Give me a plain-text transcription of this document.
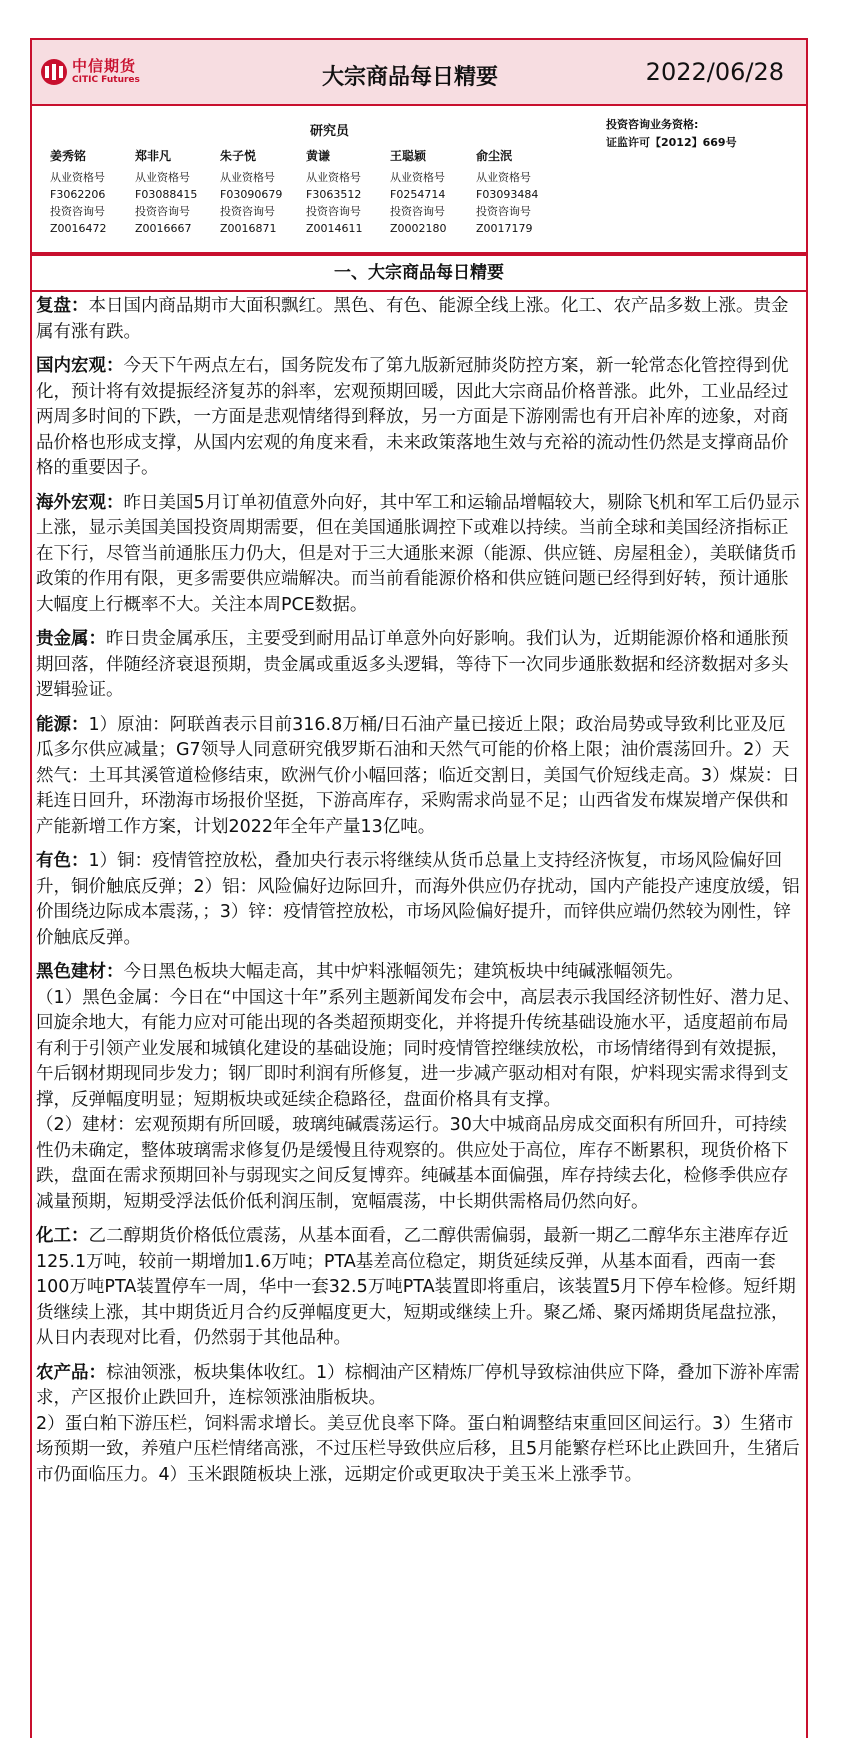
中信期货
CITIC Futures	大宗商品每日精要	2022/06/28
研究员	投资咨询业务资格:
证监许可【2012】669号
姜秀铭
从业资格号
F3062206
投资咨询号
Z0016472
郑非凡
从业资格号
F03088415
投资咨询号
Z0016667
朱子悦
从业资格号
F03090679
投资咨询号
Z0016871
黄谦
从业资格号
F3063512
投资咨询号
Z0014611
王聪颖
从业资格号
F0254714
投资咨询号
Z0002180
俞尘泯
从业资格号
F03093484
投资咨询号
Z0017179
一、大宗商品每日精要

复盘：本日国内商品期市大面积飘红。黑色、有色、能源全线上涨。化工、农产品多数上涨。贵金属有涨有跌。

国内宏观：今天下午两点左右，国务院发布了第九版新冠肺炎防控方案，新一轮常态化管控得到优化，预计将有效提振经济复苏的斜率，宏观预期回暖，因此大宗商品价格普涨。此外，工业品经过两周多时间的下跌，一方面是悲观情绪得到释放，另一方面是下游刚需也有开启补库的迹象，对商品价格也形成支撑，从国内宏观的角度来看，未来政策落地生效与充裕的流动性仍然是支撑商品价格的重要因子。

海外宏观：昨日美国5月订单初值意外向好，其中军工和运输品增幅较大，剔除飞机和军工后仍显示上涨，显示美国美国投资周期需要，但在美国通胀调控下或难以持续。当前全球和美国经济指标正在下行，尽管当前通胀压力仍大，但是对于三大通胀来源（能源、供应链、房屋租金），美联储货币政策的作用有限，更多需要供应端解决。而当前看能源价格和供应链问题已经得到好转，预计通胀大幅度上行概率不大。关注本周PCE数据。

贵金属：昨日贵金属承压，主要受到耐用品订单意外向好影响。我们认为，近期能源价格和通胀预期回落，伴随经济衰退预期，贵金属或重返多头逻辑，等待下一次同步通胀数据和经济数据对多头逻辑验证。

能源：1）原油：阿联酋表示目前316.8万桶/日石油产量已接近上限；政治局势或导致利比亚及厄瓜多尔供应减量；G7领导人同意研究俄罗斯石油和天然气可能的价格上限；油价震荡回升。2）天然气：土耳其溪管道检修结束，欧洲气价小幅回落；临近交割日，美国气价短线走高。3）煤炭：日耗连日回升，环渤海市场报价坚挺，下游高库存，采购需求尚显不足；山西省发布煤炭增产保供和产能新增工作方案，计划2022年全年产量13亿吨。

有色：1）铜：疫情管控放松，叠加央行表示将继续从货币总量上支持经济恢复，市场风险偏好回升，铜价触底反弹；2）铝：风险偏好边际回升，而海外供应仍存扰动，国内产能投产速度放缓，铝价围绕边际成本震荡，；3）锌：疫情管控放松，市场风险偏好提升，而锌供应端仍然较为刚性，锌价触底反弹。

黑色建材：今日黑色板块大幅走高，其中炉料涨幅领先；建筑板块中纯碱涨幅领先。

（1）黑色金属：今日在“中国这十年”系列主题新闻发布会中，高层表示我国经济韧性好、潜力足、回旋余地大，有能力应对可能出现的各类超预期变化，并将提升传统基础设施水平，适度超前布局有利于引领产业发展和城镇化建设的基础设施；同时疫情管控继续放松，市场情绪得到有效提振，午后钢材期现同步发力；钢厂即时利润有所修复，进一步减产驱动相对有限，炉料现实需求得到支撑，反弹幅度明显；短期板块或延续企稳路径，盘面价格具有支撑。

（2）建材：宏观预期有所回暖，玻璃纯碱震荡运行。30大中城商品房成交面积有所回升，可持续性仍未确定，整体玻璃需求修复仍是缓慢且待观察的。供应处于高位，库存不断累积，现货价格下跌，盘面在需求预期回补与弱现实之间反复博弈。纯碱基本面偏强，库存持续去化，检修季供应存减量预期，短期受浮法低价低利润压制，宽幅震荡，中长期供需格局仍然向好。

化工：乙二醇期货价格低位震荡，从基本面看，乙二醇供需偏弱，最新一期乙二醇华东主港库存近125.1万吨，较前一期增加1.6万吨；PTA基差高位稳定，期货延续反弹，从基本面看，西南一套100万吨PTA装置停车一周，华中一套32.5万吨PTA装置即将重启，该装置5月下停车检修。短纤期货继续上涨，其中期货近月合约反弹幅度更大，短期或继续上升。聚乙烯、聚丙烯期货尾盘拉涨，从日内表现对比看，仍然弱于其他品种。

农产品：棕油领涨，板块集体收红。1）棕榈油产区精炼厂停机导致棕油供应下降，叠加下游补库需求，产区报价止跌回升，连棕领涨油脂板块。

2）蛋白粕下游压栏，饲料需求增长。美豆优良率下降。蛋白粕调整结束重回区间运行。3）生猪市场预期一致，养殖户压栏情绪高涨，不过压栏导致供应后移，且5月能繁存栏环比止跌回升，生猪后市仍面临压力。4）玉米跟随板块上涨，远期定价或更取决于美玉米上涨季节。
